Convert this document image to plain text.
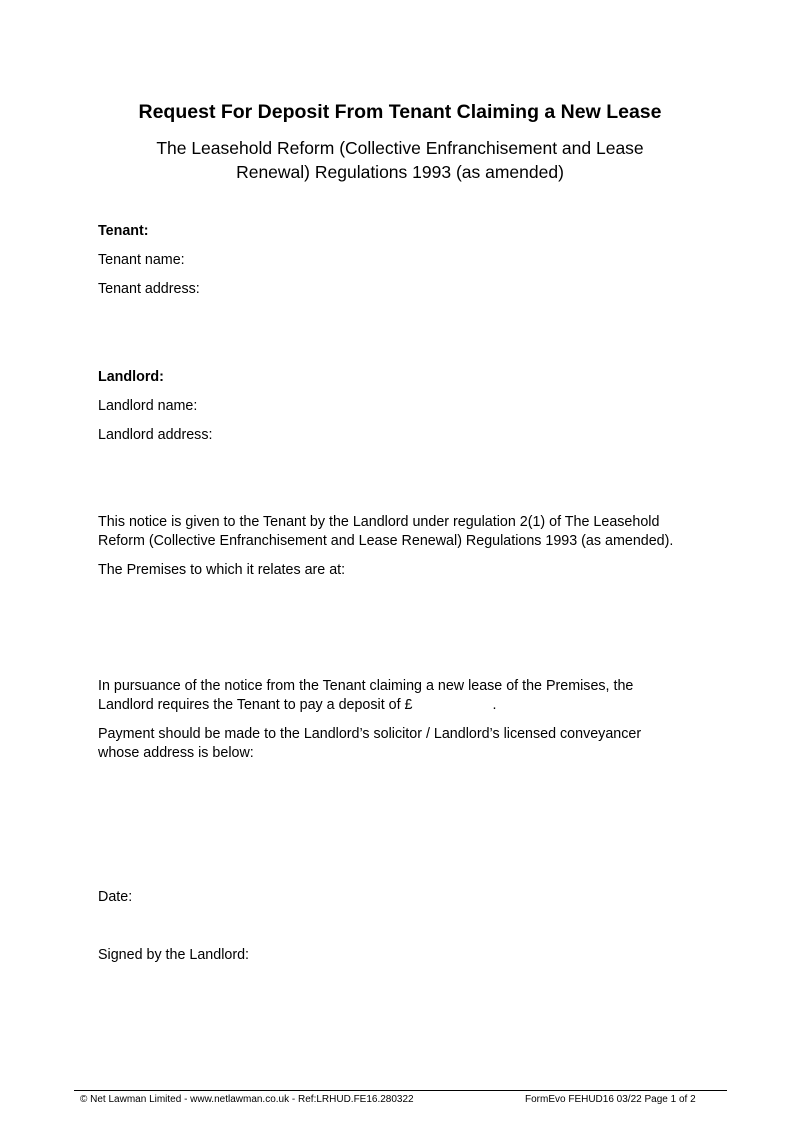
Request For Deposit From Tenant Claiming a New Lease
The Leasehold Reform (Collective Enfranchisement and Lease
Renewal) Regulations 1993 (as amended)
Tenant:
Tenant name:
Tenant address:
Landlord:
Landlord name:
Landlord address:
This notice is given to the Tenant by the Landlord under regulation 2(1) of The Leasehold
Reform (Collective Enfranchisement and Lease Renewal) Regulations 1993 (as amended).
The Premises to which it relates are at:
In pursuance of the notice from the Tenant claiming a new lease of the Premises, the
Landlord requires the Tenant to pay a deposit of £	.
Payment should be made to the Landlord’s solicitor / Landlord’s licensed conveyancer
whose address is below:
Date:
Signed by the Landlord:
© Net Lawman Limited - www.netlawman.co.uk - Ref:LRHUD.FE16.280322	FormEvo FEHUD16 03/22 Page 1 of 2
